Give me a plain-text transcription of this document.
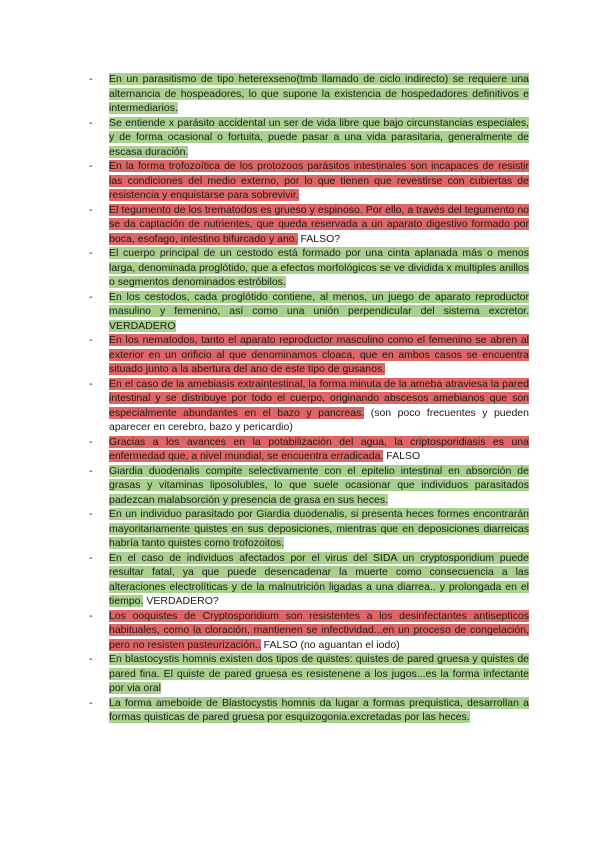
- En un parasitismo de tipo heterexseno(tmb llamado de ciclo indirecto) se requiere una alternancia de hospeadores, lo que supone la existencia de hospedadores definitivos e intermediarios.

- Se entiende x parásito accidental un ser de vida libre que bajo circunstancias especiales, y de forma ocasional o fortuita, puede pasar a una vida parasitaria, generalmente de escasa duración.

- En la forma trofozoítica de los protozoos parásitos intestinales son incapaces de resistir las condiciones del medio externo, por lo que tienen que revestirse con cubiertas de resistencia y enquistarse para sobrevivir.

- El tegumento de los trematodos es grueso y espinoso. Por ello, a través del tegumento no se da captación de nutrientes, que queda reservada a un aparato digestivo formado por boca, esofago, intestino bifurcado y ano. FALSO?

- El cuerpo principal de un cestodo está formado por una cinta aplanada más o menos larga, denominada proglótido, que a efectos morfológicos se ve dividida x multiples anillos o segmentos denominados estróbilos.

- En los cestodos, cada proglótido contiene, al menos, un juego de aparato reproductor masulino y femenino, así como una unión perpendicular del sistema excretor. VERDADERO

- En los nematodos, tanto el aparato reproductor masculino como el femenino se abren al exterior en un orificio al que denominamos cloaca, que en ambos casos se encuentra situado junto a la abertura del ano de este tipo de gusanos.

- En el caso de la amebiasis extraintestinal, la forma minuta de la ameba atraviesa la pared intestinal y se distribuye por todo el cuerpo, originando abscesos amebianos que son especialmente abundantes en el bazo y pancreas. (son poco frecuentes y pueden aparecer en cerebro, bazo y pericardio)

- Gracias a los avances en la potabilización del agua, la criptosporidiasis es una enfermedad que, a nivel mundial, se encuentra erradicada. FALSO

- Giardia duodenalis compite selectivamente con el epitelio intestinal en absorción de grasas y vitaminas liposolubles, lo que suele ocasionar que individuos parasitados padezcan malabsorción y presencia de grasa en sus heces.

- En un individuo parasitado por Giardia duodenalis, si presenta heces formes encontrarán mayoritariamente quistes en sus deposiciones, mientras que en deposiciones diarreicas habría tanto quistes como trofozoitos.

- En el caso de individuos afectados por el virus del SIDA un cryptosporidium puede resultar fatal, ya que puede desencadenar la muerte como consecuencia a las alteraciones electrolíticas y de la malnutrición ligadas a una diarrea.. y prolongada en el tiempo. VERDADERO?

- Los ooquistes de Cryptosporidium son resistentes a los desinfectantes antisepticos habituales, como la cloración, mantienen se infectividad...en un proceso de congelación, pero no resisten pasteurización.. FALSO (no aguantan el iodo)

- En blastocystis homnis existen dos tipos de quistes: quistes de pared gruesa y quistes de pared fina. El quiste de pared gruesa es resistenene a los jugos...es la forma infectante por via oral

- La forma ameboide de Blastocystis homnis da lugar a formas prequistica, desarrollan a formas quisticas de pared gruesa por esquizogonia.excretadas por las heces.
